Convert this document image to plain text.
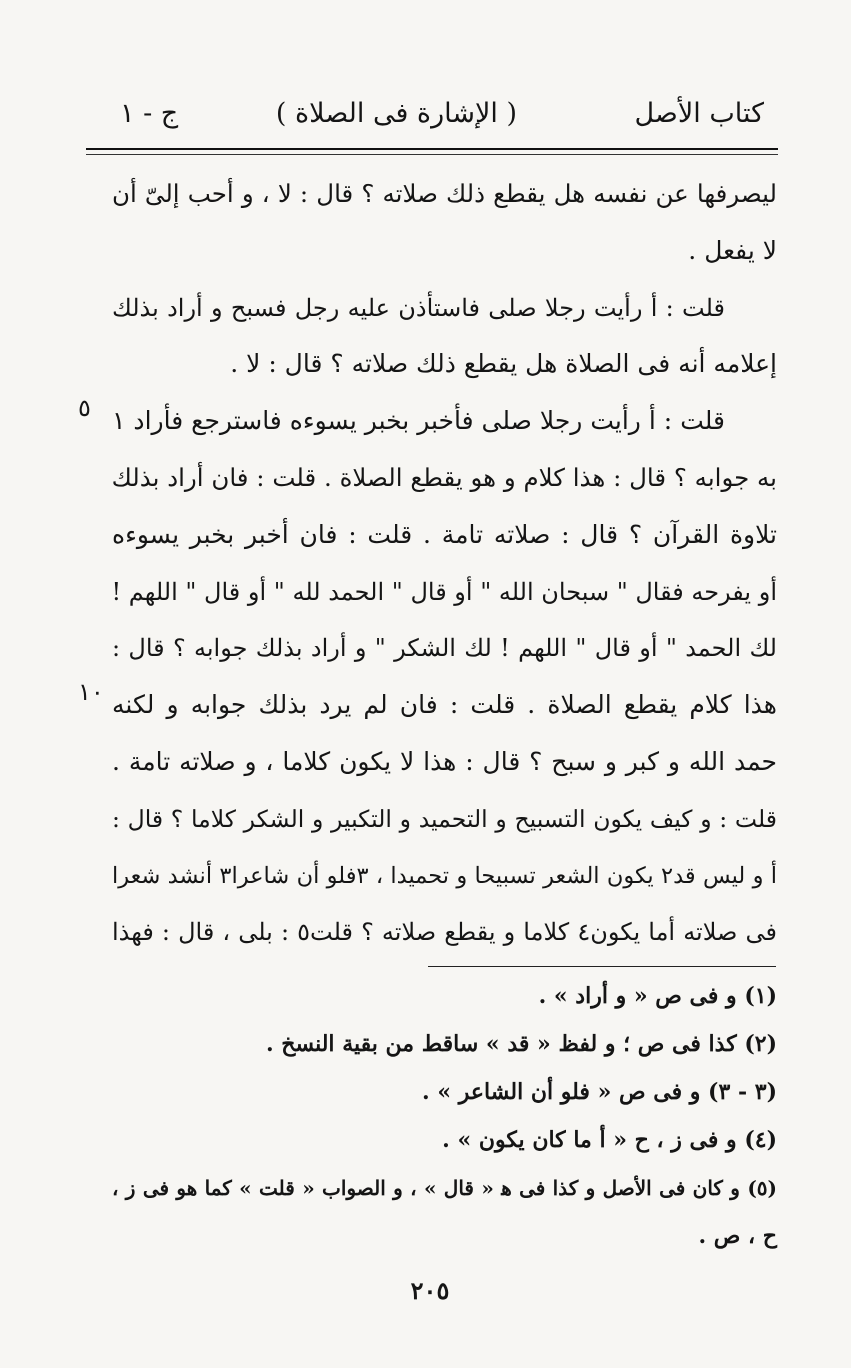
كتاب الأصل
( الإشارة فى الصلاة )
ج - ١
ليصرفها عن نفسه هل يقطع ذلك صلاته ؟ قال : لا ، و أحب إلىّ أن
لا يفعل .
قلت : أ رأيت رجلا صلى فاستأذن عليه رجل فسبح و أراد بذلك
إعلامه أنه فى الصلاة هل يقطع ذلك صلاته ؟ قال : لا .
قلت : أ رأيت رجلا صلى فأخبر بخبر يسوءه فاسترجع فأراد ١
به جوابه ؟ قال : هذا كلام و هو يقطع الصلاة . قلت : فان أراد بذلك
تلاوة القرآن ؟ قال : صلاته تامة . قلت : فان أخبر بخبر يسوءه
أو يفرحه فقال " سبحان الله " أو قال " الحمد لله " أو قال " اللهم !
لك الحمد " أو قال " اللهم ! لك الشكر " و أراد بذلك جوابه ؟ قال :
هذا كلام يقطع الصلاة . قلت : فان لم يرد بذلك جوابه و لكنه
حمد الله و كبر و سبح ؟ قال : هذا لا يكون كلاما ، و صلاته تامة .
قلت : و كيف يكون التسبيح و التحميد و التكبير و الشكر كلاما ؟ قال :
أ و ليس قد٢ يكون الشعر تسبيحا و تحميدا ، ٣فلو أن شاعرا٣ أنشد شعرا
فى صلاته أما يكون٤ كلاما و يقطع صلاته ؟ قلت٥ : بلى ، قال : فهذا
٥
١٠
(١) و فى ص « و أراد » .
(٢) كذا فى ص ؛ و لفظ « قد » ساقط من بقية النسخ .
(٣ - ٣) و فى ص « فلو أن الشاعر » .
(٤) و فى ز ، ح « أ ما كان يكون » .
(٥) و كان فى الأصل و كذا فى ﻫ « قال » ، و الصواب « قلت » كما هو فى ز ،
ح ، ص .
٢٠٥
